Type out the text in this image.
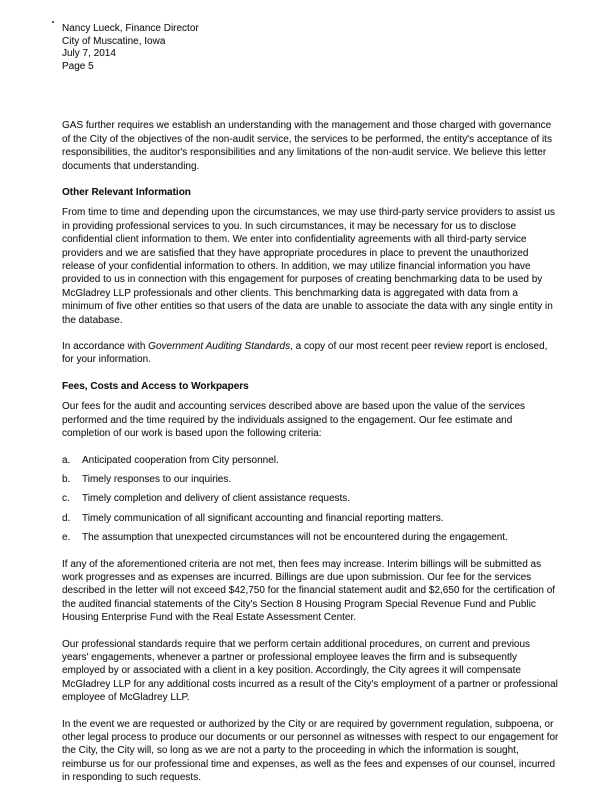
Nancy Lueck, Finance Director
City of Muscatine, Iowa
July 7, 2014
Page 5

GAS further requires we establish an understanding with the management and those charged with governance of the City of the objectives of the non-audit service, the services to be performed, the entity's acceptance of its responsibilities, the auditor's responsibilities and any limitations of the non-audit service. We believe this letter documents that understanding.

Other Relevant Information

From time to time and depending upon the circumstances, we may use third-party service providers to assist us in providing professional services to you. In such circumstances, it may be necessary for us to disclose confidential client information to them. We enter into confidentiality agreements with all third-party service providers and we are satisfied that they have appropriate procedures in place to prevent the unauthorized release of your confidential information to others. In addition, we may utilize financial information you have provided to us in connection with this engagement for purposes of creating benchmarking data to be used by McGladrey LLP professionals and other clients. This benchmarking data is aggregated with data from a minimum of five other entities so that users of the data are unable to associate the data with any single entity in the database.

In accordance with Government Auditing Standards, a copy of our most recent peer review report is enclosed, for your information.

Fees, Costs and Access to Workpapers

Our fees for the audit and accounting services described above are based upon the value of the services performed and the time required by the individuals assigned to the engagement. Our fee estimate and completion of our work is based upon the following criteria:

a.	Anticipated cooperation from City personnel.
b.	Timely responses to our inquiries.
c.	Timely completion and delivery of client assistance requests.
d.	Timely communication of all significant accounting and financial reporting matters.
e.	The assumption that unexpected circumstances will not be encountered during the engagement.

If any of the aforementioned criteria are not met, then fees may increase. Interim billings will be submitted as work progresses and as expenses are incurred. Billings are due upon submission. Our fee for the services described in the letter will not exceed $42,750 for the financial statement audit and $2,650 for the certification of the audited financial statements of the City's Section 8 Housing Program Special Revenue Fund and Public Housing Enterprise Fund with the Real Estate Assessment Center.

Our professional standards require that we perform certain additional procedures, on current and previous years' engagements, whenever a partner or professional employee leaves the firm and is subsequently employed by or associated with a client in a key position. Accordingly, the City agrees it will compensate McGladrey LLP for any additional costs incurred as a result of the City's employment of a partner or professional employee of McGladrey LLP.

In the event we are requested or authorized by the City or are required by government regulation, subpoena, or other legal process to produce our documents or our personnel as witnesses with respect to our engagement for the City, the City will, so long as we are not a party to the proceeding in which the information is sought, reimburse us for our professional time and expenses, as well as the fees and expenses of our counsel, incurred in responding to such requests.
